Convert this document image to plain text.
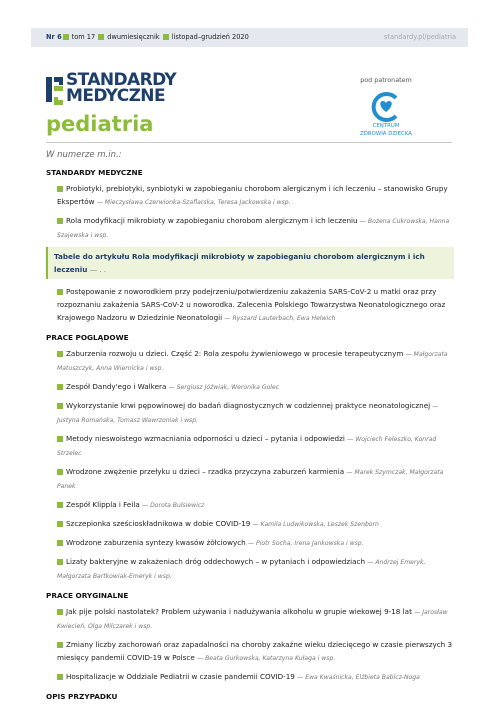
Nr 6 tom 17 dwumiesięcznik listopad–grudzień 2020	standardy.pl/pediatria
STANDARDY
MEDYCZNE
pediatria
pod patronatem
CENTRUM
ZDROWIA DZIECKA
W numerze m.in.:
STANDARDY MEDYCZNE
Probiotyki, prebiotyki, synbiotyki w zapobieganiu chorobom alergicznym i ich leczeniu – stanowisko Grupy Ekspertów — Mieczysława Czerwionka-Szaflarska, Teresa Jackowska i wsp.
Rola modyfikacji mikrobioty w zapobieganiu chorobom alergicznym i ich leczeniu — Bożena Cukrowska, Hanna Szajewska i wsp.
Tabele do artykułu Rola modyfikacji mikrobioty w zapobieganiu chorobom alergicznym i ich leczeniu — . .
Postępowanie z noworodkiem przy podejrzeniu/potwierdzeniu zakażenia SARS-CoV-2 u matki oraz przy rozpoznaniu zakażenia SARS-CoV-2 u noworodka. Zalecenia Polskiego Towarzystwa Neonatologicznego oraz Krajowego Nadzoru w Dziedzinie Neonatologii — Ryszard Lauterbach, Ewa Helwich
PRACE POGLĄDOWE
Zaburzenia rozwoju u dzieci. Część 2: Rola zespołu żywieniowego w procesie terapeutycznym — Małgorzata Matuszczyk, Anna Wiernicka i wsp.
Zespół Dandy'ego i Walkera — Sergiusz Jóźwiak, Weronika Golec
Wykorzystanie krwi pępowinowej do badań diagnostycznych w codziennej praktyce neonatologicznej — Justyna Romańska, Tomasz Wawrzoniak i wsp.
Metody nieswoistego wzmacniania odporności u dzieci – pytania i odpowiedzi — Wojciech Feleszko, Konrad Strzelec
Wrodzone zwężenie przełyku u dzieci – rzadka przyczyna zaburzeń karmienia — Marek Szymczak, Małgorzata Panek
Zespół Klippla i Feila — Dorota Bulsiewicz
Szczepionka sześcioskładnikowa w dobie COVID-19 — Kamila Ludwikowska, Leszek Szenborn
Wrodzone zaburzenia syntezy kwasów żółciowych — Piotr Socha, Irena Jankowska i wsp.
Lizaty bakteryjne w zakażeniach dróg oddechowych – w pytaniach i odpowiedziach — Andrzej Emeryk, Małgorzata Bartkowiak-Emeryk i wsp.
PRACE ORYGINALNE
Jak pije polski nastolatek? Problem używania i nadużywania alkoholu w grupie wiekowej 9-18 lat — Jarosław Kwiecień, Olga Milczarek i wsp.
Zmiany liczby zachorowań oraz zapadalności na choroby zakaźne wieku dziecięcego w czasie pierwszych 3 miesięcy pandemii COVID-19 w Polsce — Beata Gurkowska, Katarzyna Kułaga i wsp.
Hospitalizacje w Oddziale Pediatrii w czasie pandemii COVID-19 — Ewa Kwaśnicka, Elżbieta Babicz-Noga
OPIS PRZYPADKU
